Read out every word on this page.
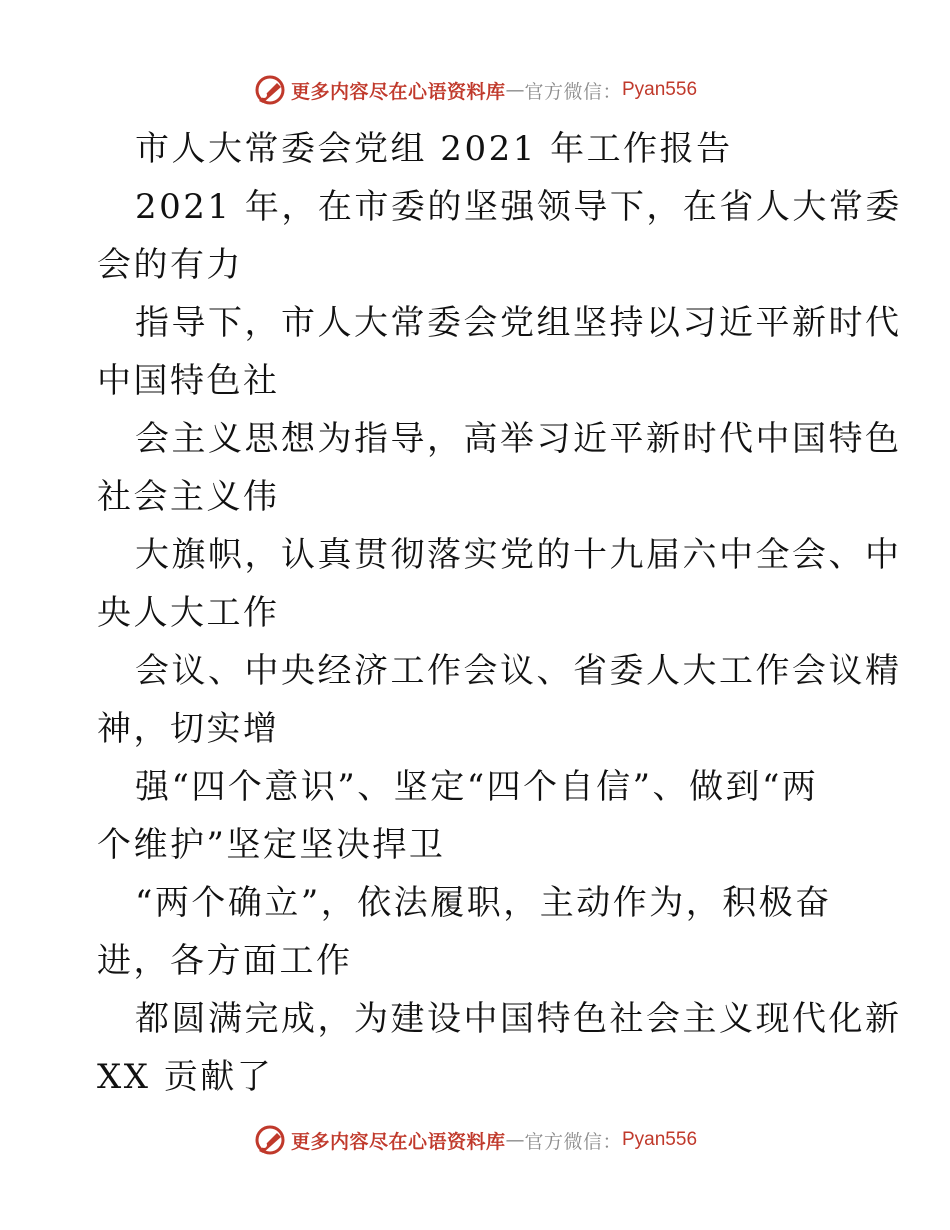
更多内容尽在心语资料库 — 官方微信： Pyan556
市人大常委会党组 2021 年工作报告
2021 年，在市委的坚强领导下，在省人大常委
会的有力
指导下，市人大常委会党组坚持以习近平新时代
中国特色社
会主义思想为指导，高举习近平新时代中国特色
社会主义伟
大旗帜，认真贯彻落实党的十九届六中全会、中
央人大工作
会议、中央经济工作会议、省委人大工作会议精
神，切实增
强“四个意识”、坚定“四个自信”、做到“两
个维护”坚定坚决捍卫
“两个确立”，依法履职，主动作为，积极奋
进，各方面工作
都圆满完成，为建设中国特色社会主义现代化新
XX 贡献了
更多内容尽在心语资料库 — 官方微信： Pyan556
